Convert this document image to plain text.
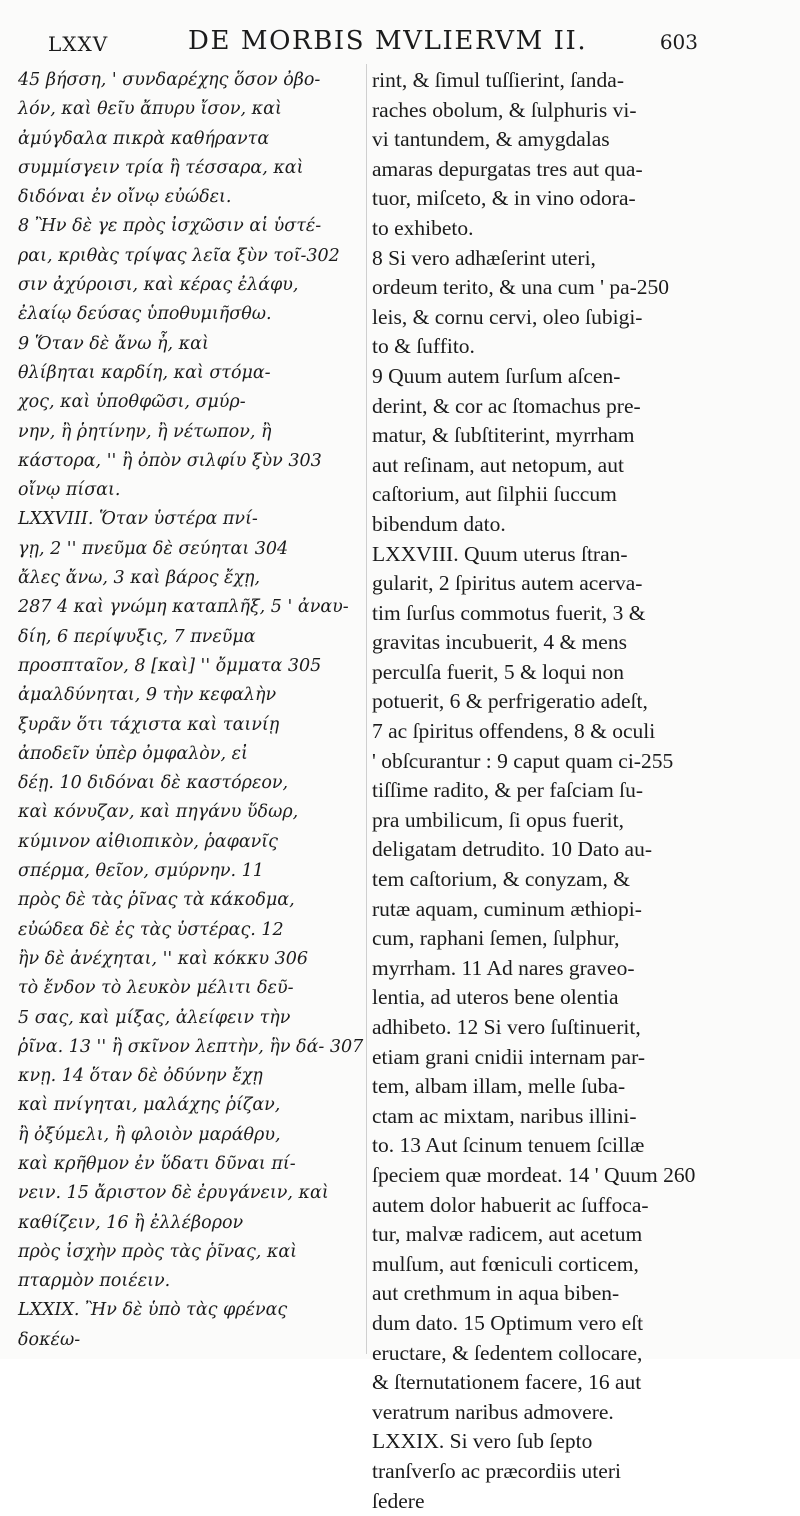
LXXV	DE MORBIS MVLIERVM II.	603
45 βήσση, ' συνδαρέχης ὅσον ὀβο-
λόν, καὶ θεῖυ ἄπυρυ ἴσον, καὶ
ἀμύγδαλα πικρὰ καθήραντα
συμμίσγειν τρία ἢ τέσσαρα, καὶ
διδόναι ἐν οἴνῳ εὐώδει.
8 Ἢν δὲ γε πρὸς ἰσχῶσιν αἱ ὑστέ-
ραι, κριθὰς τρίψας λεῖα ξὺν τοῖ-302
σιν ἀχύροισι, καὶ κέρας ἐλάφυ,
ἐλαίῳ δεύσας ὑποθυμιῆσθω.
9 Ὅταν δὲ ἄνω ἦ, καὶ
θλίβηται καρδίη, καὶ στόμα-
χος, καὶ ὑποθφῶσι, σμύρ-
νην, ἢ ῥητίνην, ἢ νέτωπον, ἢ
κάστορα, '' ἢ ὀπὸν σιλφίυ ξὺν 303
οἴνῳ πίσαι.
LXXVIII. Ὅταν ὑστέρα πνί-
γῃ, 2 '' πνεῦμα δὲ σεύηται 304
ἄλες ἄνω, 3 καὶ βάρος ἔχῃ,
287 4 καὶ γνώμη καταπλῆξ, 5 ' ἀναυ-
δίη, 6 περίψυξις, 7 πνεῦμα
προσπταῖον, 8 [καὶ] '' ὄμματα 305
ἀμαλδύνηται, 9 τὴν κεφαλὴν
ξυρᾶν ὅτι τάχιστα καὶ ταινίῃ
ἀποδεῖν ὑπὲρ ὀμφαλὸν, εἰ
δέῃ. 10 διδόναι δὲ καστόρεον,
καὶ κόνυζαν, καὶ πηγάνυ ὕδωρ,
κύμινον αἰθιοπικὸν, ῥαφανῖς
σπέρμα, θεῖον, σμύρνην. 11
πρὸς δὲ τὰς ῥῖνας τὰ κάκοδμα,
εὐώδεα δὲ ἐς τὰς ὑστέρας. 12
ἢν δὲ ἀνέχηται, '' καὶ κόκκυ 306
τὸ ἔνδον τὸ λευκὸν μέλιτι δεῦ-
5 σας, καὶ μίξας, ἀλείφειν τὴν
ῥῖνα. 13 '' ἢ σκῖνον λεπτὴν, ἣν δά- 307
κνῃ. 14 ὅταν δὲ ὀδύνην ἔχῃ
καὶ πνίγηται, μαλάχης ῥίζαν,
ἢ ὀξύμελι, ἢ φλοιὸν μαράθρυ,
καὶ κρῆθμον ἐν ὕδατι δῦναι πί-
νειν. 15 ἄριστον δὲ ἐρυγάνειν, καὶ
καθίζειν, 16 ἢ ἐλλέβορον
πρὸς ἰσχὴν πρὸς τὰς ῥῖνας, καὶ
πταρμὸν ποιέειν.
LXXIX. Ἢν δὲ ὑπὸ τὰς φρένας
δοκέω-
rint, & ſimul tuſſierint, ſanda-
raches obolum, & ſulphuris vi-
vi tantundem, & amygdalas
amaras depurgatas tres aut qua-
tuor, miſceto, & in vino odora-
to exhibeto.
8 Si vero adhæſerint uteri,
ordeum terito, & una cum ' pa-250
leis, & cornu cervi, oleo ſubigi-
to & ſuffito.
9 Quum autem ſurſum aſcen-
derint, & cor ac ſtomachus pre-
matur, & ſubſtiterint, myrrham
aut reſinam, aut netopum, aut
caſtorium, aut ſilphii ſuccum
bibendum dato.
LXXVIII. Quum uterus ſtran-
gularit, 2 ſpiritus autem acerva-
tim ſurſus commotus fuerit, 3 &
gravitas incubuerit, 4 & mens
perculſa fuerit, 5 & loqui non
potuerit, 6 & perfrigeratio adeſt,
7 ac ſpiritus offendens, 8 & oculi
' obſcurantur : 9 caput quam ci-255
tiſſime radito, & per faſciam ſu-
pra umbilicum, ſi opus fuerit,
deligatam detrudito. 10 Dato au-
tem caſtorium, & conyzam, &
rutæ aquam, cuminum æthiopi-
cum, raphani ſemen, ſulphur,
myrrham. 11 Ad nares graveo-
lentia, ad uteros bene olentia
adhibeto. 12 Si vero ſuſtinuerit,
etiam grani cnidii internam par-
tem, albam illam, melle ſuba-
ctam ac mixtam, naribus illini-
to. 13 Aut ſcinum tenuem ſcillæ
ſpeciem quæ mordeat. 14 ' Quum 260
autem dolor habuerit ac ſuffoca-
tur, malvæ radicem, aut acetum
mulſum, aut fœniculi corticem,
aut crethmum in aqua biben-
dum dato. 15 Optimum vero eſt
eructare, & ſedentem collocare,
& ſternutationem facere, 16 aut
veratrum naribus admovere.
LXXIX. Si vero ſub ſepto
tranſverſo ac præcordiis uteri
ſedere
